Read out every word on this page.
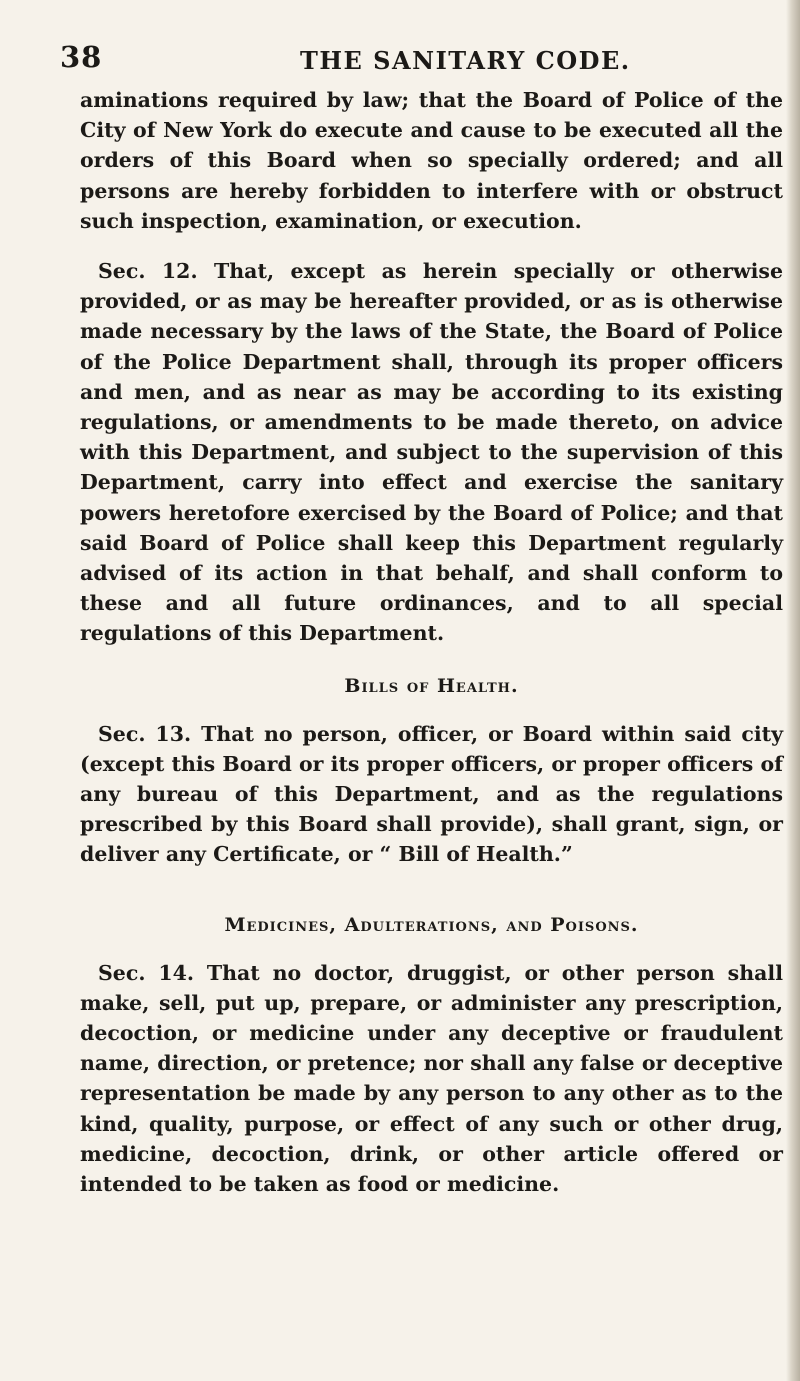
38	THE SANITARY CODE.

aminations required by law; that the Board of Police of the City of New York do execute and cause to be executed all the orders of this Board when so specially ordered; and all persons are hereby forbidden to interfere with or obstruct such inspection, examination, or execution.

Sec. 12. That, except as herein specially or otherwise provided, or as may be hereafter provided, or as is otherwise made necessary by the laws of the State, the Board of Police of the Police Department shall, through its proper officers and men, and as near as may be according to its existing regulations, or amendments to be made thereto, on advice with this Department, and subject to the supervision of this Department, carry into effect and exercise the sanitary powers heretofore exercised by the Board of Police; and that said Board of Police shall keep this Department regularly advised of its action in that behalf, and shall conform to these and all future ordinances, and to all special regulations of this Department.

Bills of Health.

Sec. 13. That no person, officer, or Board within said city (except this Board or its proper officers, or proper officers of any bureau of this Department, and as the regulations prescribed by this Board shall provide), shall grant, sign, or deliver any Certificate, or “ Bill of Health.”

Medicines, Adulterations, and Poisons.

Sec. 14. That no doctor, druggist, or other person shall make, sell, put up, prepare, or administer any prescription, decoction, or medicine under any deceptive or fraudulent name, direction, or pretence; nor shall any false or deceptive representation be made by any person to any other as to the kind, quality, purpose, or effect of any such or other drug, medicine, decoction, drink, or other article offered or intended to be taken as food or medicine.
